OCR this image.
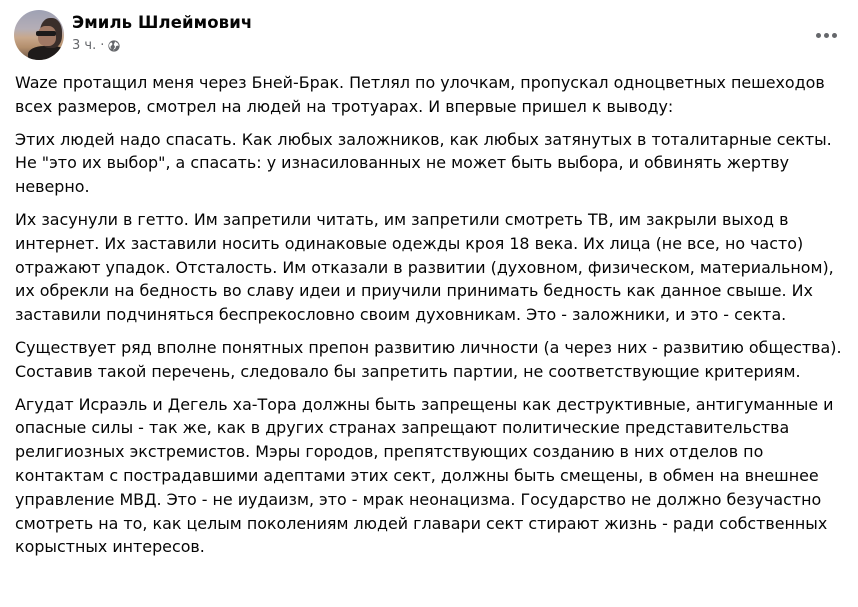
Эмиль Шлеймович
3 ч. ·

Waze протащил меня через Бней-Брак. Петлял по улочкам, пропускал одноцветных пешеходов всех размеров, смотрел на людей на тротуарах. И впервые пришел к выводу:

Этих людей надо спасать. Как любых заложников, как любых затянутых в тоталитарные секты. Не "это их выбор", а спасать: у изнасилованных не может быть выбора, и обвинять жертву неверно.

Их засунули в гетто. Им запретили читать, им запретили смотреть ТВ, им закрыли выход в интернет. Их заставили носить одинаковые одежды кроя 18 века. Их лица (не все, но часто) отражают упадок. Отсталость. Им отказали в развитии (духовном, физическом, материальном), их обрекли на бедность во славу идеи и приучили принимать бедность как данное свыше. Их заставили подчиняться беспрекословно своим духовникам. Это - заложники, и это - секта.

Существует ряд вполне понятных препон развитию личности (а через них - развитию общества). Составив такой перечень, следовало бы запретить партии, не соответствующие критериям.

Агудат Исраэль и Дегель ха-Тора должны быть запрещены как деструктивные, антигуманные и опасные силы - так же, как в других странах запрещают политические представительства религиозных экстремистов. Мэры городов, препятствующих созданию в них отделов по контактам с пострадавшими адептами этих сект, должны быть смещены, в обмен на внешнее управление МВД. Это - не иудаизм, это - мрак неонацизма. Государство не должно безучастно смотреть на то, как целым поколениям людей главари сект стирают жизнь - ради собственных корыстных интересов.
